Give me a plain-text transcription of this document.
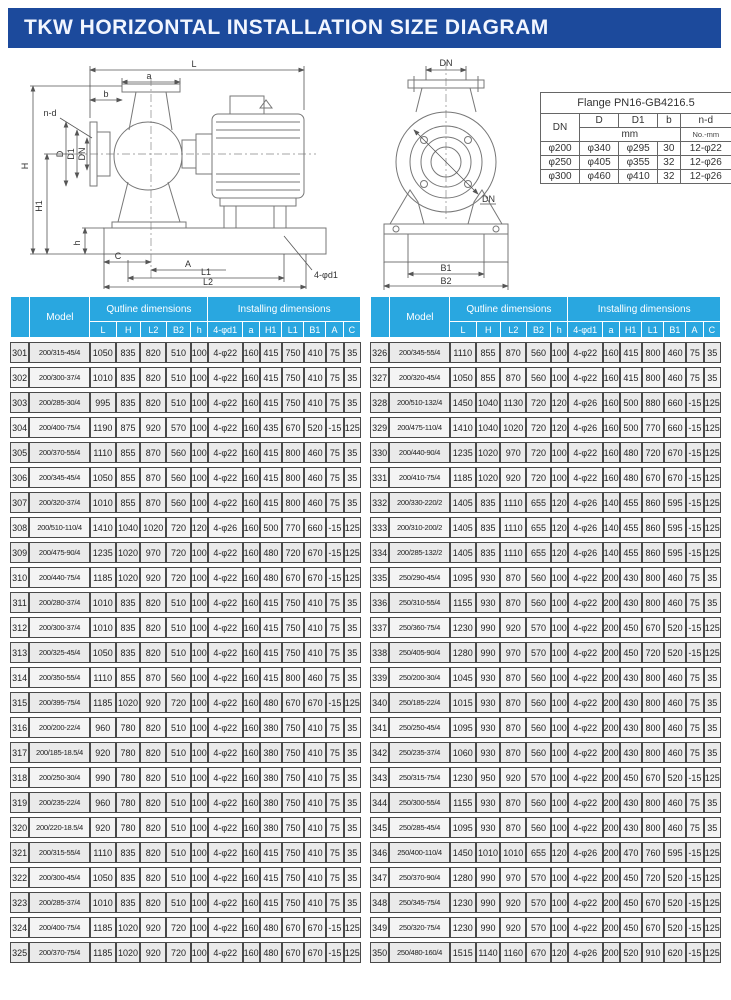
TKW HORIZONTAL INSTALLATION SIZE DIAGRAM
L
a
b
n-d
D D1 DN
H
H1
h
C
A
L1
L2
4-φd1
DN
DN
B1
B2
Flange PN16-GB4216.5				
DN	D	D1	b	n-d
	mm			No.-mm
φ200	φ340	φ295	30	12-φ22
φ250	φ405	φ355	32	12-φ26
φ300	φ460	φ410	32	12-φ26
	Model	Qutline dimensions					Installing dimensions						
		L	H	L2	B2	h	4-φd1	a	H1	L1	B1	A	C
301	200/315-45/4	1050	835	820	510	100	4-φ22	160	415	750	410	75	35
302	200/300-37/4	1010	835	820	510	100	4-φ22	160	415	750	410	75	35
303	200/285-30/4	995	835	820	510	100	4-φ22	160	415	750	410	75	35
304	200/400-75/4	1190	875	920	570	100	4-φ22	160	435	670	520	-15	125
305	200/370-55/4	1110	855	870	560	100	4-φ22	160	415	800	460	75	35
306	200/345-45/4	1050	855	870	560	100	4-φ22	160	415	800	460	75	35
307	200/320-37/4	1010	855	870	560	100	4-φ22	160	415	800	460	75	35
308	200/510-110/4	1410	1040	1020	720	120	4-φ26	160	500	770	660	-15	125
309	200/475-90/4	1235	1020	970	720	100	4-φ22	160	480	720	670	-15	125
310	200/440-75/4	1185	1020	920	720	100	4-φ22	160	480	670	670	-15	125
311	200/280-37/4	1010	835	820	510	100	4-φ22	160	415	750	410	75	35
312	200/300-37/4	1010	835	820	510	100	4-φ22	160	415	750	410	75	35
313	200/325-45/4	1050	835	820	510	100	4-φ22	160	415	750	410	75	35
314	200/350-55/4	1110	855	870	560	100	4-φ22	160	415	800	460	75	35
315	200/395-75/4	1185	1020	920	720	100	4-φ22	160	480	670	670	-15	125
316	200/200-22/4	960	780	820	510	100	4-φ22	160	380	750	410	75	35
317	200/185-18.5/4	920	780	820	510	100	4-φ22	160	380	750	410	75	35
318	200/250-30/4	990	780	820	510	100	4-φ22	160	380	750	410	75	35
319	200/235-22/4	960	780	820	510	100	4-φ22	160	380	750	410	75	35
320	200/220-18.5/4	920	780	820	510	100	4-φ22	160	380	750	410	75	35
321	200/315-55/4	1110	835	820	510	100	4-φ22	160	415	750	410	75	35
322	200/300-45/4	1050	835	820	510	100	4-φ22	160	415	750	410	75	35
323	200/285-37/4	1010	835	820	510	100	4-φ22	160	415	750	410	75	35
324	200/400-75/4	1185	1020	920	720	100	4-φ22	160	480	670	670	-15	125
325	200/370-75/4	1185	1020	920	720	100	4-φ22	160	480	670	670	-15	125
	Model	Qutline dimensions					Installing dimensions						
		L	H	L2	B2	h	4-φd1	a	H1	L1	B1	A	C
326	200/345-55/4	1110	855	870	560	100	4-φ22	160	415	800	460	75	35
327	200/320-45/4	1050	855	870	560	100	4-φ22	160	415	800	460	75	35
328	200/510-132/4	1450	1040	1130	720	120	4-φ26	160	500	880	660	-15	125
329	200/475-110/4	1410	1040	1020	720	120	4-φ26	160	500	770	660	-15	125
330	200/440-90/4	1235	1020	970	720	100	4-φ22	160	480	720	670	-15	125
331	200/410-75/4	1185	1020	920	720	100	4-φ22	160	480	670	670	-15	125
332	200/330-220/2	1405	835	1110	655	120	4-φ26	140	455	860	595	-15	125
333	200/310-200/2	1405	835	1110	655	120	4-φ26	140	455	860	595	-15	125
334	200/285-132/2	1405	835	1110	655	120	4-φ26	140	455	860	595	-15	125
335	250/290-45/4	1095	930	870	560	100	4-φ22	200	430	800	460	75	35
336	250/310-55/4	1155	930	870	560	100	4-φ22	200	430	800	460	75	35
337	250/360-75/4	1230	990	920	570	100	4-φ22	200	450	670	520	-15	125
338	250/405-90/4	1280	990	970	570	100	4-φ22	200	450	720	520	-15	125
339	250/200-30/4	1045	930	870	560	100	4-φ22	200	430	800	460	75	35
340	250/185-22/4	1015	930	870	560	100	4-φ22	200	430	800	460	75	35
341	250/250-45/4	1095	930	870	560	100	4-φ22	200	430	800	460	75	35
342	250/235-37/4	1060	930	870	560	100	4-φ22	200	430	800	460	75	35
343	250/315-75/4	1230	950	920	570	100	4-φ22	200	450	670	520	-15	125
344	250/300-55/4	1155	930	870	560	100	4-φ22	200	430	800	460	75	35
345	250/285-45/4	1095	930	870	560	100	4-φ22	200	430	800	460	75	35
346	250/400-110/4	1450	1010	1010	655	120	4-φ26	200	470	760	595	-15	125
347	250/370-90/4	1280	990	970	570	100	4-φ22	200	450	720	520	-15	125
348	250/345-75/4	1230	990	920	570	100	4-φ22	200	450	670	520	-15	125
349	250/320-75/4	1230	990	920	570	100	4-φ22	200	450	670	520	-15	125
350	250/480-160/4	1515	1140	1160	670	120	4-φ26	200	520	910	620	-15	125
